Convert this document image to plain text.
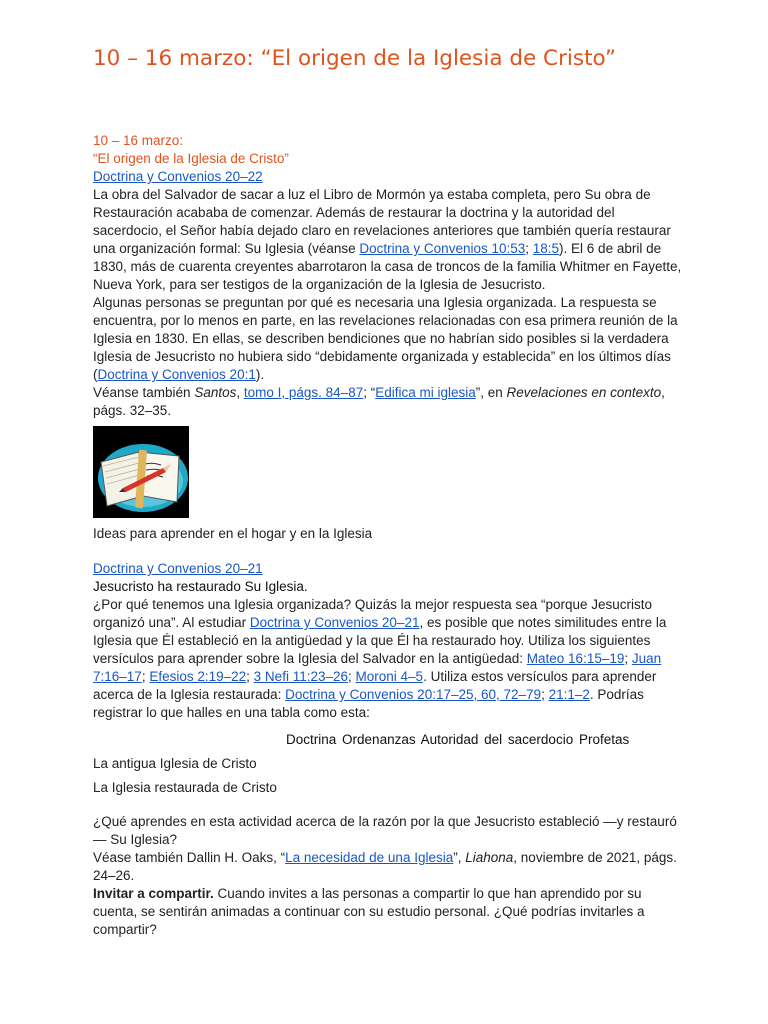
10 – 16 marzo: “El origen de la Iglesia de Cristo”

10 – 16 marzo:

“El origen de la Iglesia de Cristo”

Doctrina y Convenios 20–22

La obra del Salvador de sacar a luz el Libro de Mormón ya estaba completa, pero Su obra de Restauración acababa de comenzar. Además de restaurar la doctrina y la autoridad del sacerdocio, el Señor había dejado claro en revelaciones anteriores que también quería restaurar una organización formal: Su Iglesia (véanse Doctrina y Convenios 10:53; 18:5). El 6 de abril de 1830, más de cuarenta creyentes abarrotaron la casa de troncos de la familia Whitmer en Fayette, Nueva York, para ser testigos de la organización de la Iglesia de Jesucristo.

Algunas personas se preguntan por qué es necesaria una Iglesia organizada. La respuesta se encuentra, por lo menos en parte, en las revelaciones relacionadas con esa primera reunión de la Iglesia en 1830. En ellas, se describen bendiciones que no habrían sido posibles si la verdadera Iglesia de Jesucristo no hubiera sido “debidamente organizada y establecida” en los últimos días (Doctrina y Convenios 20:1).

Véanse también Santos, tomo I, págs. 84–87; “Edifica mi iglesia”, en Revelaciones en contexto, págs. 32–35.

Ideas para aprender en el hogar y en la Iglesia

Doctrina y Convenios 20–21

Jesucristo ha restaurado Su Iglesia.

¿Por qué tenemos una Iglesia organizada? Quizás la mejor respuesta sea “porque Jesucristo organizó una”. Al estudiar Doctrina y Convenios 20–21, es posible que notes similitudes entre la Iglesia que Él estableció en la antigüedad y la que Él ha restaurado hoy. Utiliza los siguientes versículos para aprender sobre la Iglesia del Salvador en la antigüedad: Mateo 16:15–19; Juan 7:16–17; Efesios 2:19–22; 3 Nefi 11:23–26; Moroni 4–5. Utiliza estos versículos para aprender acerca de la Iglesia restaurada: Doctrina y Convenios 20:17–25, 60, 72–79; 21:1–2. Podrías registrar lo que halles en una tabla como esta:

Doctrina Ordenanzas Autoridad del sacerdocio Profetas

La antigua Iglesia de Cristo

La Iglesia restaurada de Cristo

¿Qué aprendes en esta actividad acerca de la razón por la que Jesucristo estableció —y restauró— Su Iglesia?

Véase también Dallin H. Oaks, “La necesidad de una Iglesia”, Liahona, noviembre de 2021, págs. 24–26.

Invitar a compartir. Cuando invites a las personas a compartir lo que han aprendido por su cuenta, se sentirán animadas a continuar con su estudio personal. ¿Qué podrías invitarles a compartir?
